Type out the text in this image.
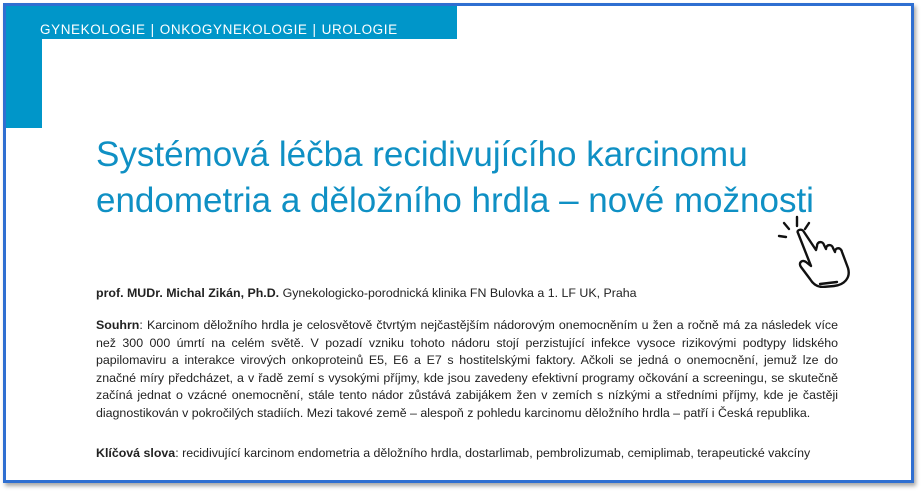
GYNEKOLOGIE | ONKOGYNEKOLOGIE | UROLOGIE
Systémová léčba recidivujícího karcinomu endometria a děložního hrdla – nové možnosti
prof. MUDr. Michal Zikán, Ph.D. Gynekologicko-porodnická klinika FN Bulovka a 1. LF UK, Praha

Souhrn: Karcinom děložního hrdla je celosvětově čtvrtým nejčastějším nádorovým onemocněním u žen a ročně má za následek více než 300 000 úmrtí na celém světě. V pozadí vzniku tohoto nádoru stojí perzistující infekce vysoce rizikovými podtypy lidského papilomaviru a interakce virových onkoproteinů E5, E6 a E7 s hostitelskými faktory. Ačkoli se jedná o onemocnění, jemuž lze do značné míry předcházet, a v řadě zemí s vysokými příjmy, kde jsou zavedeny efektivní programy očkování a screeningu, se skutečně začíná jednat o vzácné onemocnění, stále tento nádor zůstává zabijákem žen v zemích s nízkými a středními příjmy, kde je častěji diagnostikován v pokročilých stadiích. Mezi takové země – alespoň z pohledu karcinomu děložního hrdla – patří i Česká republika.

Klíčová slova: recidivující karcinom endometria a děložního hrdla, dostarlimab, pembrolizumab, cemiplimab, terapeutické vakcíny
